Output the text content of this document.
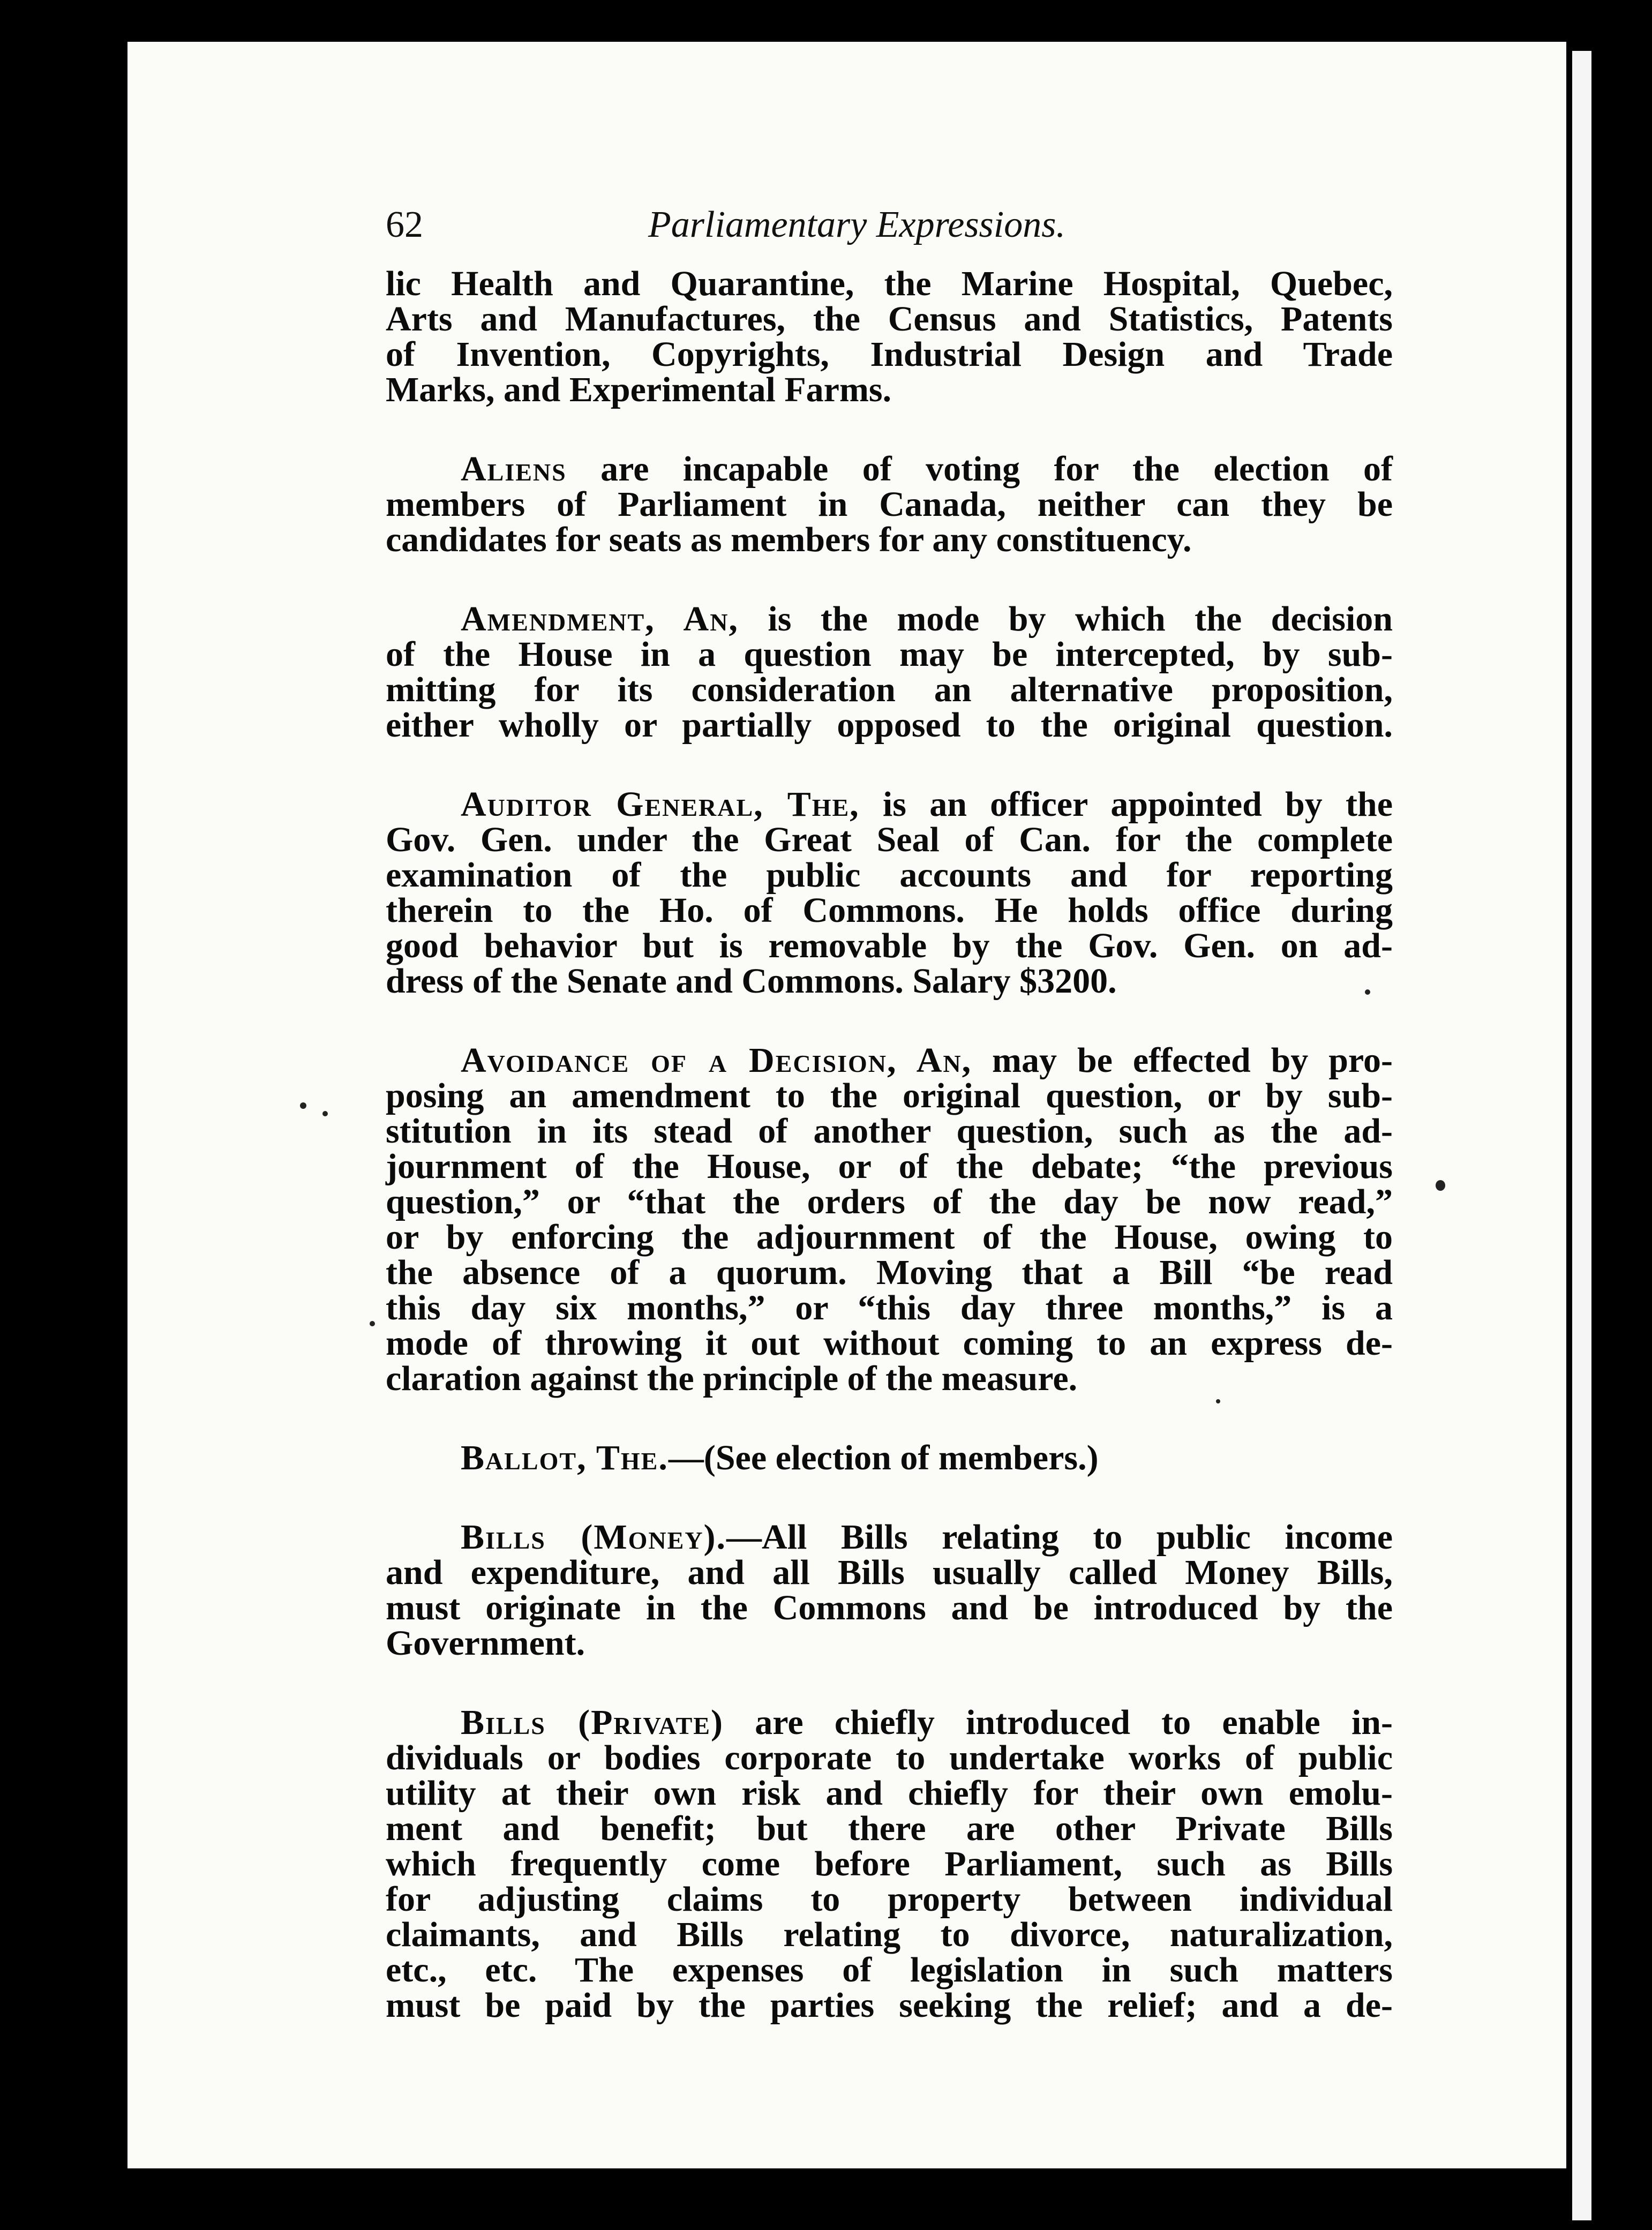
62	Parliamentary Expressions.
lic Health and Quarantine, the Marine Hospital, Quebec,
Arts and Manufactures, the Census and Statistics, Patents
of Invention, Copyrights, Industrial Design and Trade
Marks, and Experimental Farms.
Aliens are incapable of voting for the election of
members of Parliament in Canada, neither can they be
candidates for seats as members for any constituency.
Amendment, An, is the mode by which the decision
of the House in a question may be intercepted, by sub-
mitting for its consideration an alternative proposition,
either wholly or partially opposed to the original question.
Auditor General, The, is an officer appointed by the
Gov. Gen. under the Great Seal of Can. for the complete
examination of the public accounts and for reporting
therein to the Ho. of Commons. He holds office during
good behavior but is removable by the Gov. Gen. on ad-
dress of the Senate and Commons. Salary $3200.
Avoidance of a Decision, An, may be effected by pro-
posing an amendment to the original question, or by sub-
stitution in its stead of another question, such as the ad-
journment of the House, or of the debate; “the previous
question,” or “that the orders of the day be now read,”
or by enforcing the adjournment of the House, owing to
the absence of a quorum. Moving that a Bill “be read
this day six months,” or “this day three months,” is a
mode of throwing it out without coming to an express de-
claration against the principle of the measure.
Ballot, The.—(See election of members.)
Bills (Money).—All Bills relating to public income
and expenditure, and all Bills usually called Money Bills,
must originate in the Commons and be introduced by the
Government.
Bills (Private) are chiefly introduced to enable in-
dividuals or bodies corporate to undertake works of public
utility at their own risk and chiefly for their own emolu-
ment and benefit; but there are other Private Bills
which frequently come before Parliament, such as Bills
for adjusting claims to property between individual
claimants, and Bills relating to divorce, naturalization,
etc., etc. The expenses of legislation in such matters
must be paid by the parties seeking the relief; and a de-
